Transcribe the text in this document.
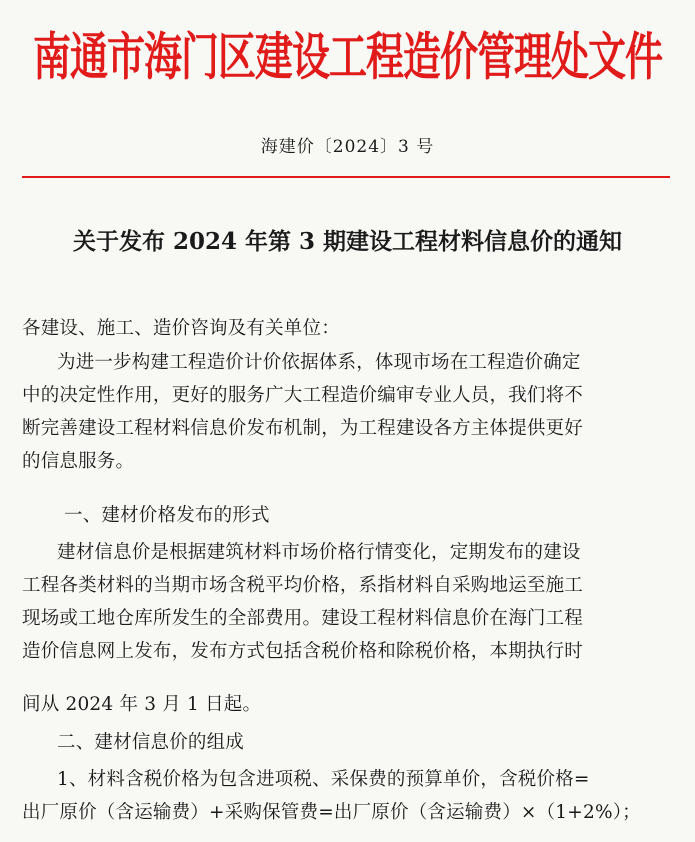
南通市海门区建设工程造价管理处文件
海建价〔2024〕3 号
关于发布 2024 年第 3 期建设工程材料信息价的通知
各建设、施工、造价咨询及有关单位：
为进一步构建工程造价计价依据体系，体现市场在工程造价确定
中的决定性作用，更好的服务广大工程造价编审专业人员，我们将不
断完善建设工程材料信息价发布机制，为工程建设各方主体提供更好
的信息服务。
一、建材价格发布的形式
建材信息价是根据建筑材料市场价格行情变化，定期发布的建设
工程各类材料的当期市场含税平均价格，系指材料自采购地运至施工
现场或工地仓库所发生的全部费用。建设工程材料信息价在海门工程
造价信息网上发布，发布方式包括含税价格和除税价格，本期执行时
间从 2024 年 3 月 1 日起。
二、建材信息价的组成
1、材料含税价格为包含进项税、采保费的预算单价，含税价格=
出厂原价（含运输费）+采购保管费=出厂原价（含运输费）×（1+2%）；
